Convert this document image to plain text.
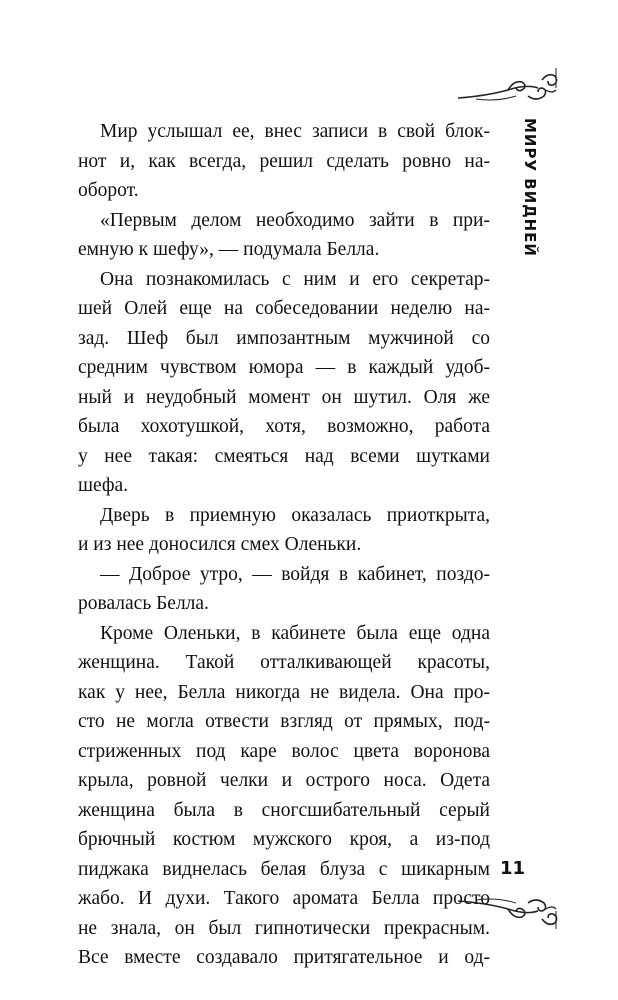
МИРУ ВИДНЕЙ
Мир услышал ее, внес записи в свой блок-
нот и, как всегда, решил сделать ровно на-
оборот.
«Первым делом необходимо зайти в при-
емную к шефу», — подумала Белла.
Она познакомилась с ним и его секретар-
шей Олей еще на собеседовании неделю на-
зад. Шеф был импозантным мужчиной со
средним чувством юмора — в каждый удоб-
ный и неудобный момент он шутил. Оля же
была хохотушкой, хотя, возможно, работа
у нее такая: смеяться над всеми шутками
шефа.
Дверь в приемную оказалась приоткрыта,
и из нее доносился смех Оленьки.
— Доброе утро, — войдя в кабинет, поздо-
ровалась Белла.
Кроме Оленьки, в кабинете была еще одна
женщина. Такой отталкивающей красоты,
как у нее, Белла никогда не видела. Она про-
сто не могла отвести взгляд от прямых, под-
стриженных под каре волос цвета воронова
крыла, ровной челки и острого носа. Одета
женщина была в сногсшибательный серый
брючный костюм мужского кроя, а из-под
пиджака виднелась белая блуза с шикарным
жабо. И духи. Такого аромата Белла просто
не знала, он был гипнотически прекрасным.
Все вместе создавало притягательное и од-
11
